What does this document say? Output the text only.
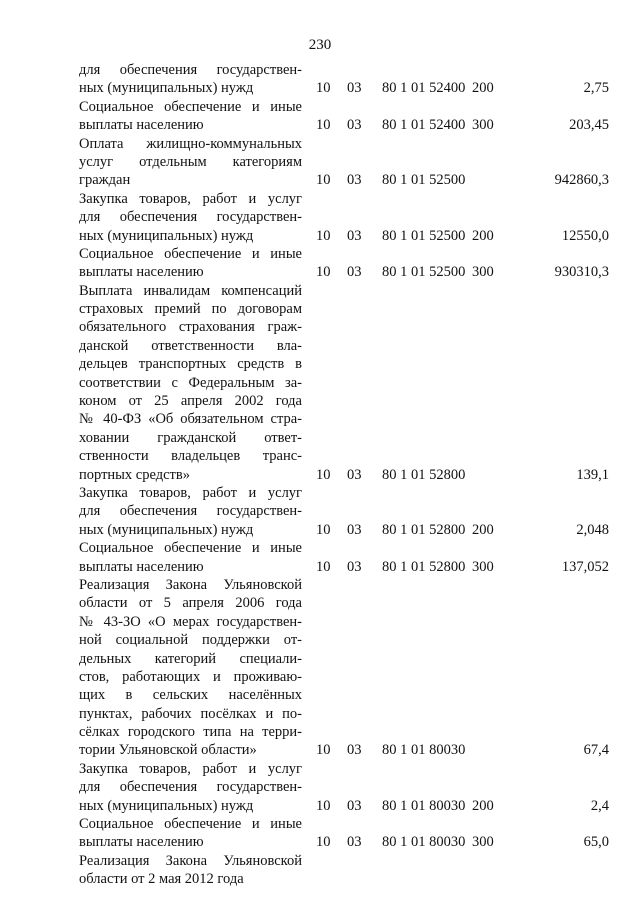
230
для обеспечения государствен-
ных (муниципальных) нужд	10 03 80 1 01 52400 200	2,75
Социальное обеспечение и иные
выплаты населению	10 03 80 1 01 52400 300	203,45
Оплата жилищно-коммунальных
услуг отдельным категориям
граждан	10 03 80 1 01 52500	942860,3
Закупка товаров, работ и услуг
для обеспечения государствен-
ных (муниципальных) нужд	10 03 80 1 01 52500 200	12550,0
Социальное обеспечение и иные
выплаты населению	10 03 80 1 01 52500 300	930310,3
Выплата инвалидам компенсаций
страховых премий по договорам
обязательного страхования граж-
данской ответственности вла-
дельцев транспортных средств в
соответствии с Федеральным за-
коном от 25 апреля 2002 года
№ 40-ФЗ «Об обязательном стра-
ховании гражданской ответ-
ственности владельцев транс-
портных средств»	10 03 80 1 01 52800	139,1
Закупка товаров, работ и услуг
для обеспечения государствен-
ных (муниципальных) нужд	10 03 80 1 01 52800 200	2,048
Социальное обеспечение и иные
выплаты населению	10 03 80 1 01 52800 300	137,052
Реализация Закона Ульяновской
области от 5 апреля 2006 года
№ 43-ЗО «О мерах государствен-
ной социальной поддержки от-
дельных категорий специали-
стов, работающих и проживаю-
щих в сельских населённых
пунктах, рабочих посёлках и по-
сёлках городского типа на терри-
тории Ульяновской области»	10 03 80 1 01 80030	67,4
Закупка товаров, работ и услуг
для обеспечения государствен-
ных (муниципальных) нужд	10 03 80 1 01 80030 200	2,4
Социальное обеспечение и иные
выплаты населению	10 03 80 1 01 80030 300	65,0
Реализация Закона Ульяновской
области от 2 мая 2012 года
